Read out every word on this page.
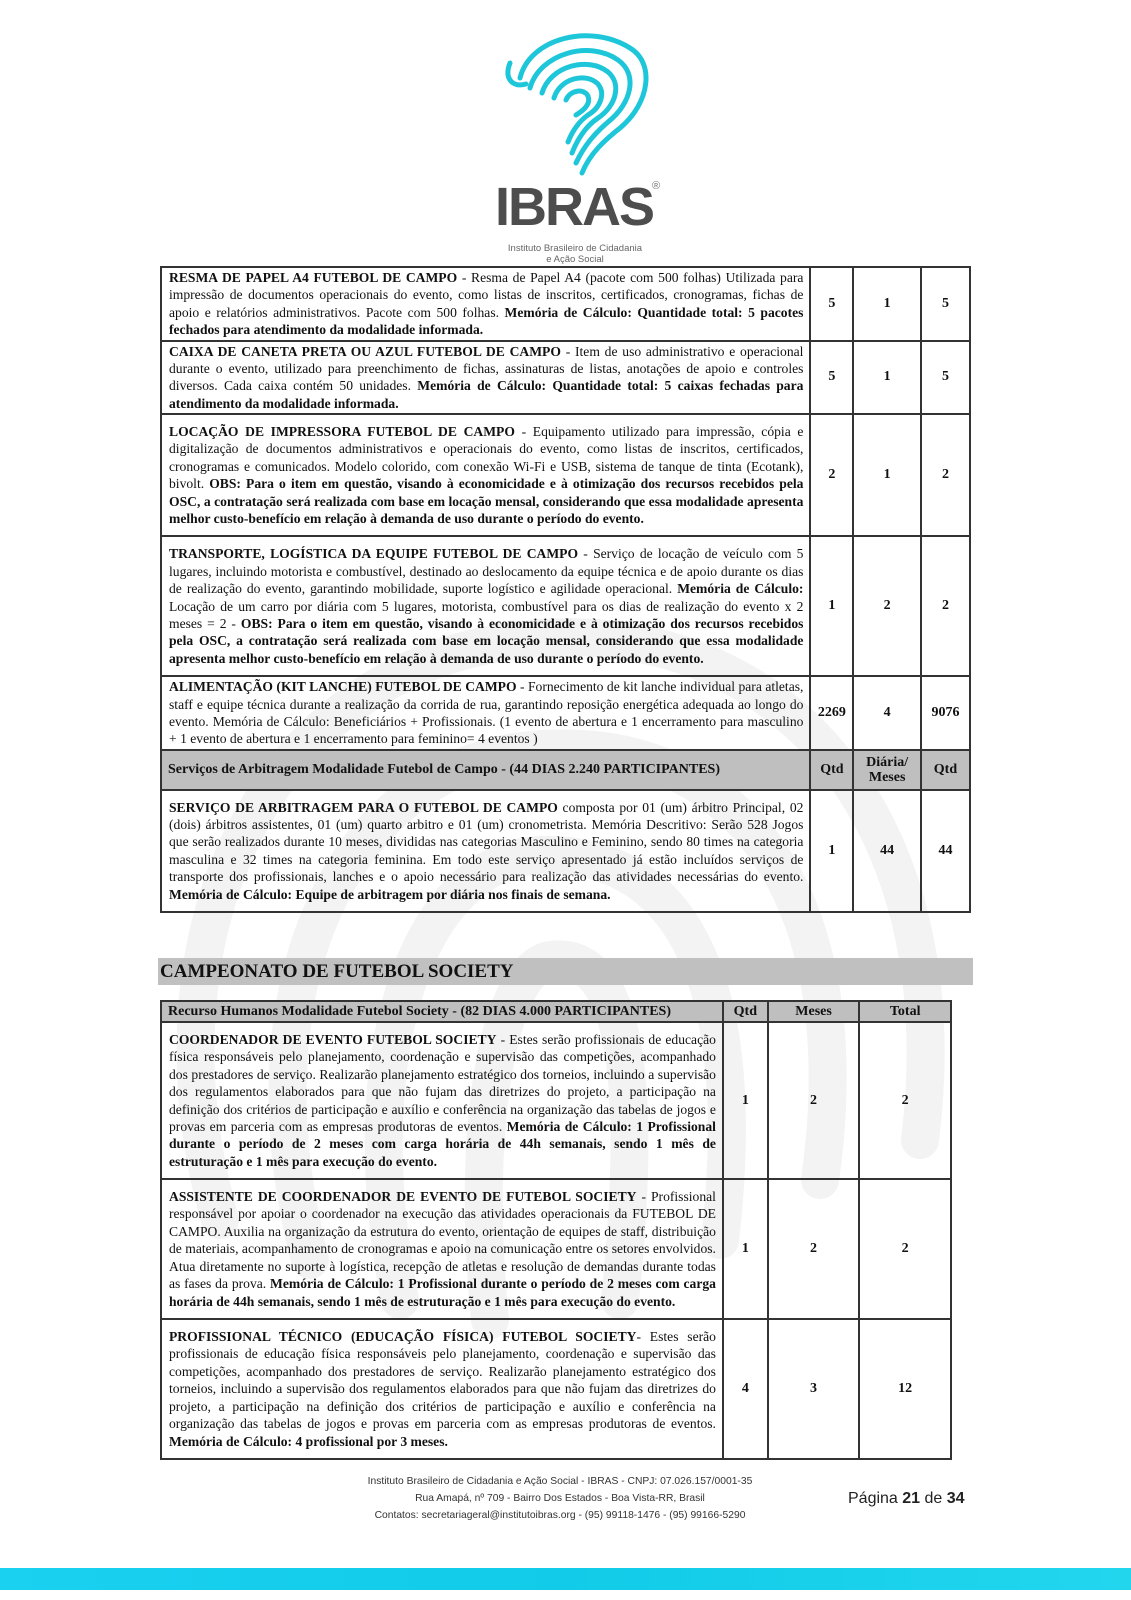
IBRAS
®
Instituto Brasileiro de Cidadania
e Ação Social
RESMA DE PAPEL A4 FUTEBOL DE CAMPO - Resma de Papel A4 (pacote com 500 folhas) Utilizada para impressão de documentos operacionais do evento, como listas de inscritos, certificados, cronogramas, fichas de apoio e relatórios administrativos. Pacote com 500 folhas. Memória de Cálculo: Quantidade total: 5 pacotes fechados para atendimento da modalidade informada.	5	1	5
CAIXA DE CANETA PRETA OU AZUL FUTEBOL DE CAMPO - Item de uso administrativo e operacional durante o evento, utilizado para preenchimento de fichas, assinaturas de listas, anotações de apoio e controles diversos. Cada caixa contém 50 unidades. Memória de Cálculo: Quantidade total: 5 caixas fechadas para atendimento da modalidade informada.	5	1	5
LOCAÇÃO DE IMPRESSORA FUTEBOL DE CAMPO - Equipamento utilizado para impressão, cópia e digitalização de documentos administrativos e operacionais do evento, como listas de inscritos, certificados, cronogramas e comunicados. Modelo colorido, com conexão Wi-Fi e USB, sistema de tanque de tinta (Ecotank), bivolt. OBS: Para o item em questão, visando à economicidade e à otimização dos recursos recebidos pela OSC, a contratação será realizada com base em locação mensal, considerando que essa modalidade apresenta melhor custo-benefício em relação à demanda de uso durante o período do evento.	2	1	2
TRANSPORTE, LOGÍSTICA DA EQUIPE FUTEBOL DE CAMPO - Serviço de locação de veículo com 5 lugares, incluindo motorista e combustível, destinado ao deslocamento da equipe técnica e de apoio durante os dias de realização do evento, garantindo mobilidade, suporte logístico e agilidade operacional. Memória de Cálculo: Locação de um carro por diária com 5 lugares, motorista, combustível para os dias de realização do evento x 2 meses = 2 - OBS: Para o item em questão, visando à economicidade e à otimização dos recursos recebidos pela OSC, a contratação será realizada com base em locação mensal, considerando que essa modalidade apresenta melhor custo-benefício em relação à demanda de uso durante o período do evento.	1	2	2
ALIMENTAÇÃO (KIT LANCHE) FUTEBOL DE CAMPO - Fornecimento de kit lanche individual para atletas, staff e equipe técnica durante a realização da corrida de rua, garantindo reposição energética adequada ao longo do evento. Memória de Cálculo: Beneficiários + Profissionais. (1 evento de abertura e 1 encerramento para masculino + 1 evento de abertura e 1 encerramento para feminino= 4 eventos )	2269	4	9076
Serviços de Arbitragem Modalidade Futebol de Campo - (44 DIAS 2.240 PARTICIPANTES)	Qtd	Diária/ Meses	Qtd
SERVIÇO DE ARBITRAGEM PARA O FUTEBOL DE CAMPO composta por 01 (um) árbitro Principal, 02 (dois) árbitros assistentes, 01 (um) quarto arbitro e 01 (um) cronometrista. Memória Descritivo: Serão 528 Jogos que serão realizados durante 10 meses, divididas nas categorias Masculino e Feminino, sendo 80 times na categoria masculina e 32 times na categoria feminina. Em todo este serviço apresentado já estão incluídos serviços de transporte dos profissionais, lanches e o apoio necessário para realização das atividades necessárias do evento. Memória de Cálculo: Equipe de arbitragem por diária nos finais de semana.	1	44	44
CAMPEONATO DE FUTEBOL SOCIETY
Recurso Humanos Modalidade Futebol Society - (82 DIAS 4.000 PARTICIPANTES)	Qtd	Meses	Total
COORDENADOR DE EVENTO FUTEBOL SOCIETY - Estes serão profissionais de educação física responsáveis pelo planejamento, coordenação e supervisão das competições, acompanhado dos prestadores de serviço. Realizarão planejamento estratégico dos torneios, incluindo a supervisão dos regulamentos elaborados para que não fujam das diretrizes do projeto, a participação na definição dos critérios de participação e auxílio e conferência na organização das tabelas de jogos e provas em parceria com as empresas produtoras de eventos. Memória de Cálculo: 1 Profissional durante o período de 2 meses com carga horária de 44h semanais, sendo 1 mês de estruturação e 1 mês para execução do evento.	1	2	2
ASSISTENTE DE COORDENADOR DE EVENTO DE FUTEBOL SOCIETY - Profissional responsável por apoiar o coordenador na execução das atividades operacionais da FUTEBOL DE CAMPO. Auxilia na organização da estrutura do evento, orientação de equipes de staff, distribuição de materiais, acompanhamento de cronogramas e apoio na comunicação entre os setores envolvidos. Atua diretamente no suporte à logística, recepção de atletas e resolução de demandas durante todas as fases da prova. Memória de Cálculo: 1 Profissional durante o período de 2 meses com carga horária de 44h semanais, sendo 1 mês de estruturação e 1 mês para execução do evento.	1	2	2
PROFISSIONAL TÉCNICO (EDUCAÇÃO FÍSICA) FUTEBOL SOCIETY- Estes serão profissionais de educação física responsáveis pelo planejamento, coordenação e supervisão das competições, acompanhado dos prestadores de serviço. Realizarão planejamento estratégico dos torneios, incluindo a supervisão dos regulamentos elaborados para que não fujam das diretrizes do projeto, a participação na definição dos critérios de participação e auxílio e conferência na organização das tabelas de jogos e provas em parceria com as empresas produtoras de eventos. Memória de Cálculo: 4 profissional por 3 meses.	4	3	12
Instituto Brasileiro de Cidadania e Ação Social - IBRAS - CNPJ: 07.026.157/0001-35
Rua Amapá, nº 709 - Bairro Dos Estados - Boa Vista-RR, Brasil
Contatos: secretariageral@institutoibras.org - (95) 99118-1476 - (95) 99166-5290
Página 21 de 34
